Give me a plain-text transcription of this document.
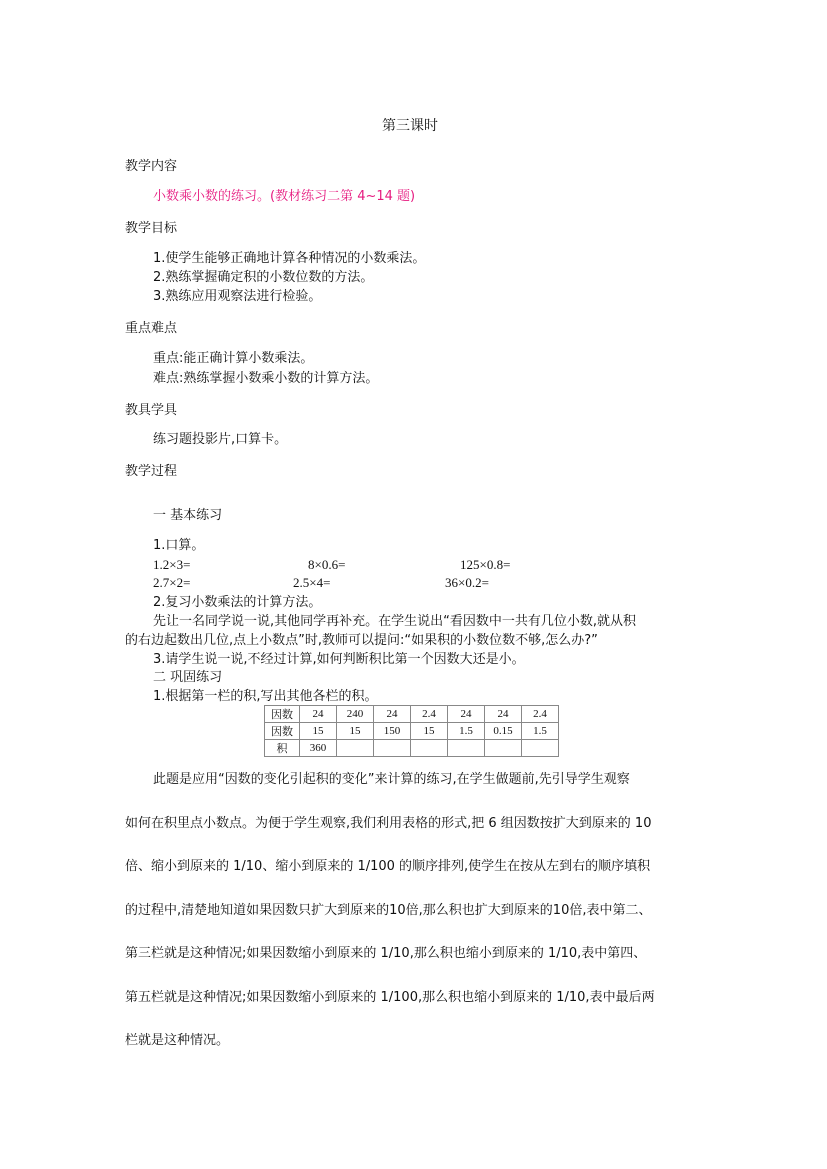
第三课时
教学内容
小数乘小数的练习。(教材练习二第 4~14 题)
教学目标
1.使学生能够正确地计算各种情况的小数乘法。
2.熟练掌握确定积的小数位数的方法。
3.熟练应用观察法进行检验。
重点难点
重点:能正确计算小数乘法。
难点:熟练掌握小数乘小数的计算方法。
教具学具
练习题投影片,口算卡。
教学过程
一 基本练习
1.口算。
1.2×3=	8×0.6=	125×0.8=
2.7×2=	2.5×4=	36×0.2=
2.复习小数乘法的计算方法。
先让一名同学说一说,其他同学再补充。在学生说出“看因数中一共有几位小数,就从积
的右边起数出几位,点上小数点”时,教师可以提问:“如果积的小数位数不够,怎么办?”
3.请学生说一说,不经过计算,如何判断积比第一个因数大还是小。
二 巩固练习
1.根据第一栏的积,写出其他各栏的积。
因数	24	240	24	2.4	24	24	2.4
因数	15	15	150	15	1.5	0.15	1.5
积	360						
此题是应用“因数的变化引起积的变化”来计算的练习,在学生做题前,先引导学生观察
如何在积里点小数点。为便于学生观察,我们利用表格的形式,把 6 组因数按扩大到原来的 10
倍、缩小到原来的 1/10、缩小到原来的 1/100 的顺序排列,使学生在按从左到右的顺序填积
的过程中,清楚地知道如果因数只扩大到原来的10倍,那么积也扩大到原来的10倍,表中第二、
第三栏就是这种情况;如果因数缩小到原来的 1/10,那么积也缩小到原来的 1/10,表中第四、
第五栏就是这种情况;如果因数缩小到原来的 1/100,那么积也缩小到原来的 1/10,表中最后两
栏就是这种情况。
